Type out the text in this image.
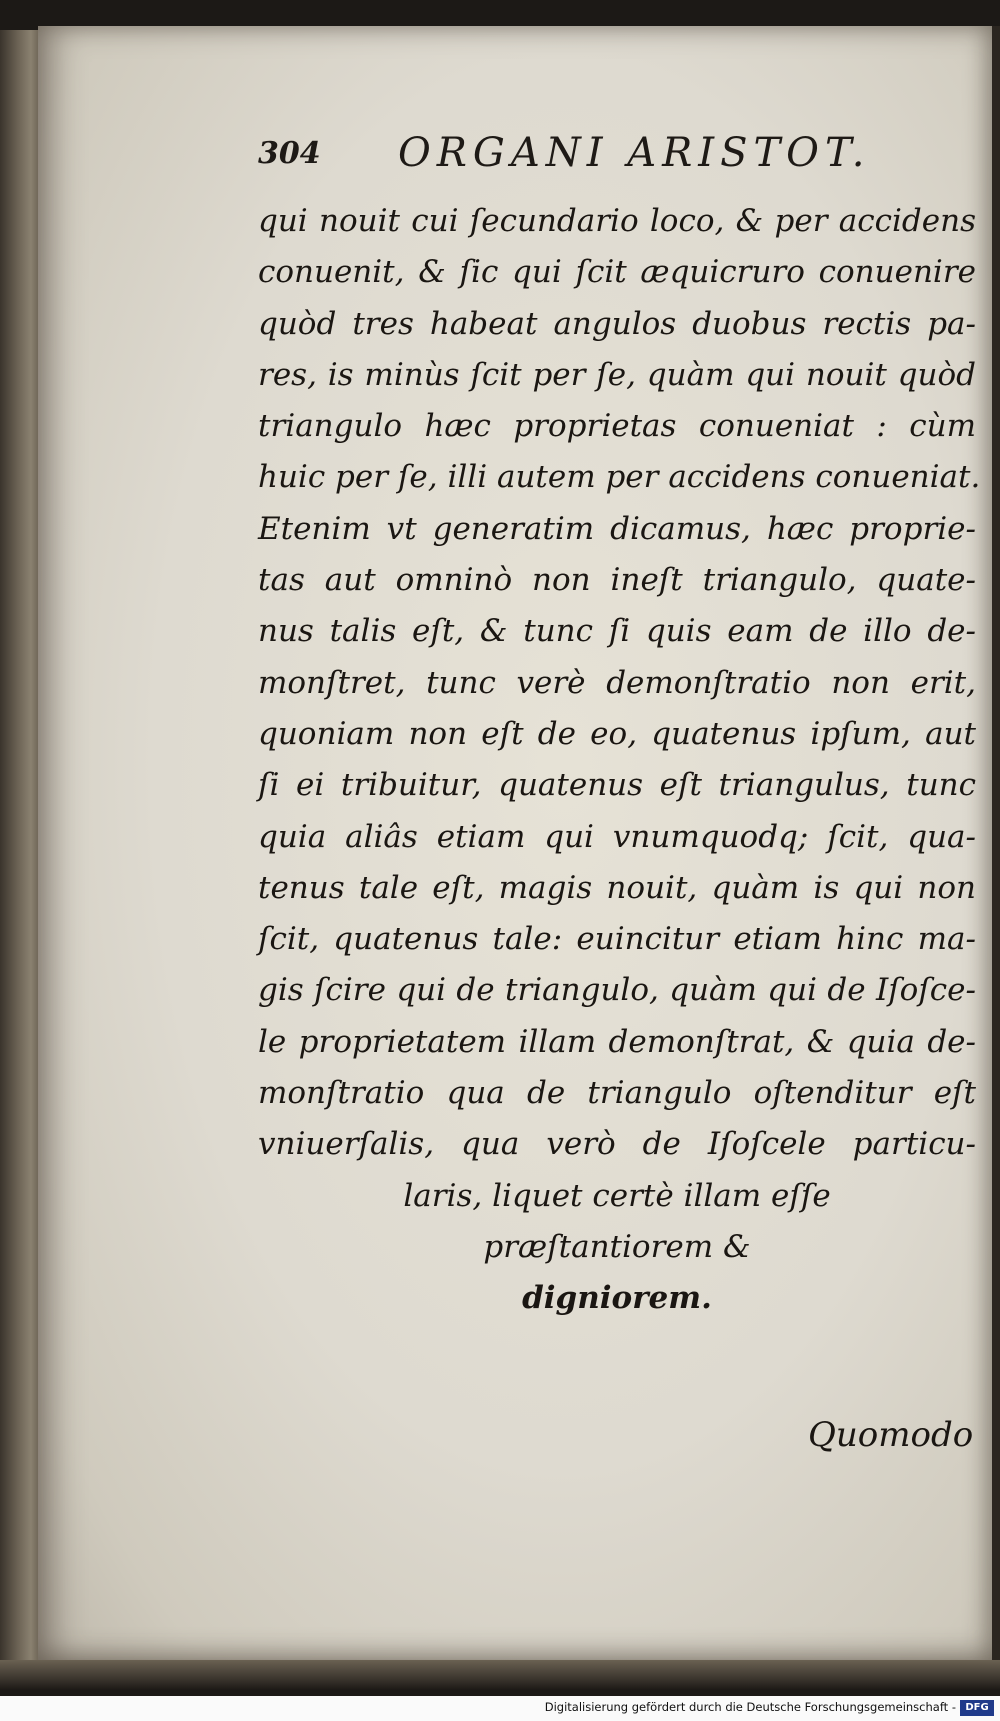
304 ORGANI ARISTOT.
qui nouit cui ſecundario loco, & per accidens
conuenit, & ſic qui ſcit æquicruro conuenire
quòd tres habeat angulos duobus rectis pa-
res, is minùs ſcit per ſe, quàm qui nouit quòd
triangulo hæc proprietas conueniat : cùm
huic per ſe, illi autem per accidens conueniat.
Etenim vt generatim dicamus, hæc proprie-
tas aut omninò non ineſt triangulo, quate-
nus talis eſt, & tunc ſi quis eam de illo de-
monſtret, tunc verè demonſtratio non erit,
quoniam non eſt de eo, quatenus ipſum, aut
ſi ei tribuitur, quatenus eſt triangulus, tunc
quia aliâs etiam qui vnumquodq; ſcit, qua-
tenus tale eſt, magis nouit, quàm is qui non
ſcit, quatenus tale: euincitur etiam hinc ma-
gis ſcire qui de triangulo, quàm qui de Iſoſce-
le proprietatem illam demonſtrat, & quia de-
monſtratio qua de triangulo oſtenditur eſt
vniuerſalis, qua verò de Iſoſcele particu-
laris, liquet certè illam eſſe
præſtantiorem &
digniorem.
Quomodo
Digitalisierung gefördert durch die Deutsche Forschungsgemeinschaft - DFG
